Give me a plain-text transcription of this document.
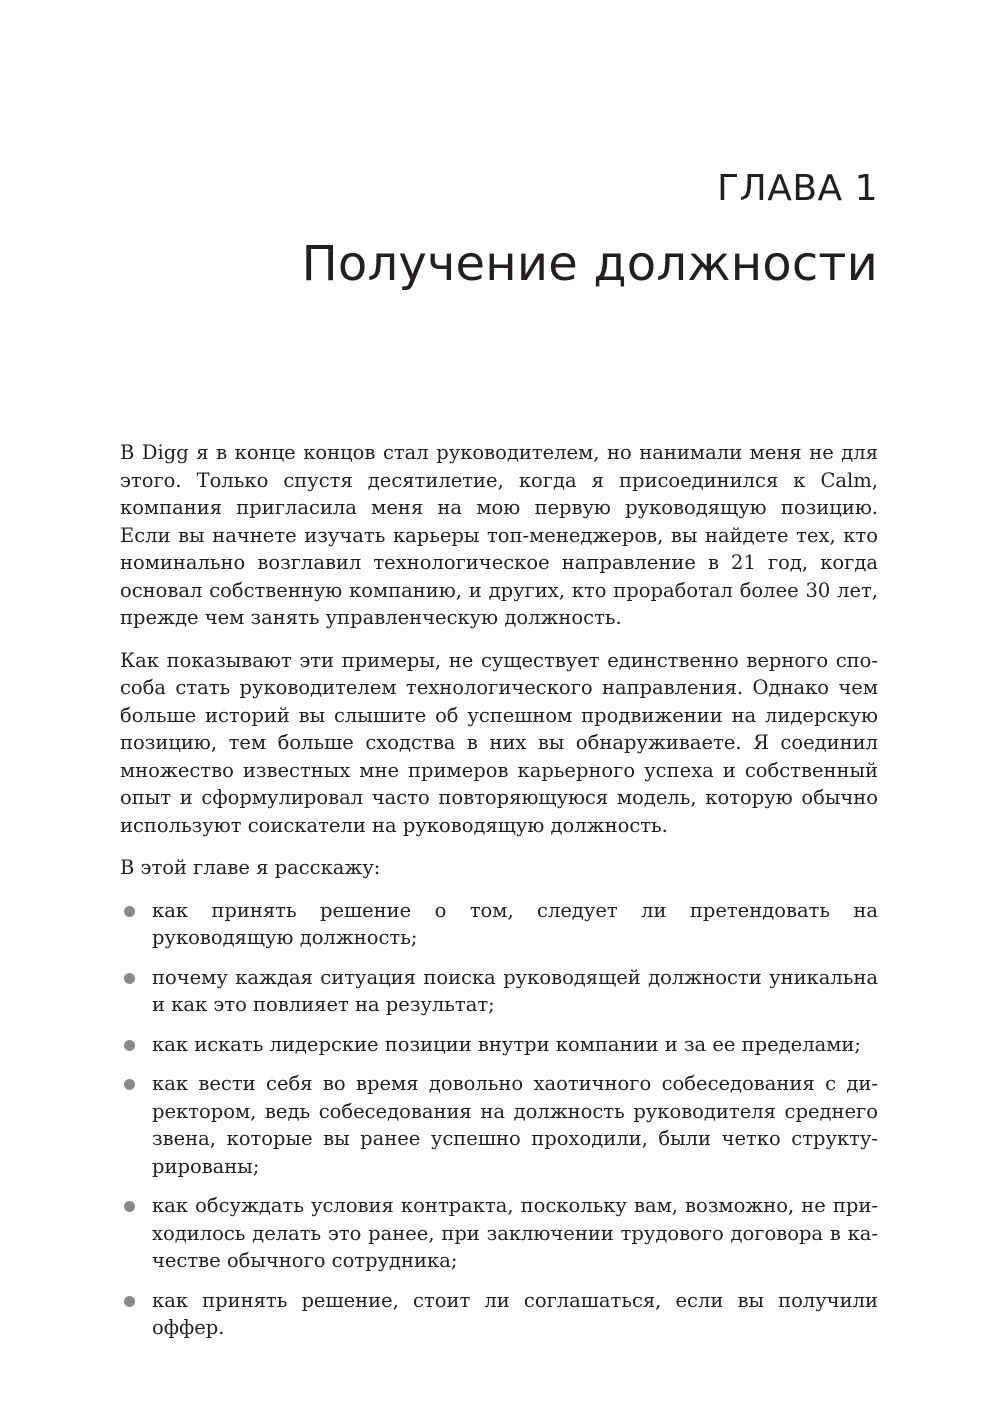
ГЛАВА 1
Получение должности

В Digg я в конце концов стал руководителем, но нанимали меня не для этого. Только спустя десятилетие, когда я присоединился к Calm, компания пригласила меня на мою первую руководящую позицию. Если вы начнете изучать карьеры топ-менеджеров, вы найдете тех, кто номинально возглавил технологическое направление в 21 год, когда основал собственную компанию, и других, кто проработал более 30 лет, прежде чем занять управленческую должность.

Как показывают эти примеры, не существует единственно верного способа стать руководителем технологического направления. Однако чем больше историй вы слышите об успешном продвижении на лидерскую позицию, тем больше сходства в них вы обнаруживаете. Я соединил множество известных мне примеров карьерного успеха и собственный опыт и сформулировал часто повторяющуюся модель, которую обычно используют соискатели на руководящую должность.

В этой главе я расскажу:

как принять решение о том, следует ли претендовать на руководящую должность;
почему каждая ситуация поиска руководящей должности уникальна и как это повлияет на результат;
как искать лидерские позиции внутри компании и за ее пределами;
как вести себя во время довольно хаотичного собеседования с директором, ведь собеседования на должность руководителя среднего звена, которые вы ранее успешно проходили, были четко структурированы;
как обсуждать условия контракта, поскольку вам, возможно, не приходилось делать это ранее, при заключении трудового договора в качестве обычного сотрудника;
как принять решение, стоит ли соглашаться, если вы получили оффер.
